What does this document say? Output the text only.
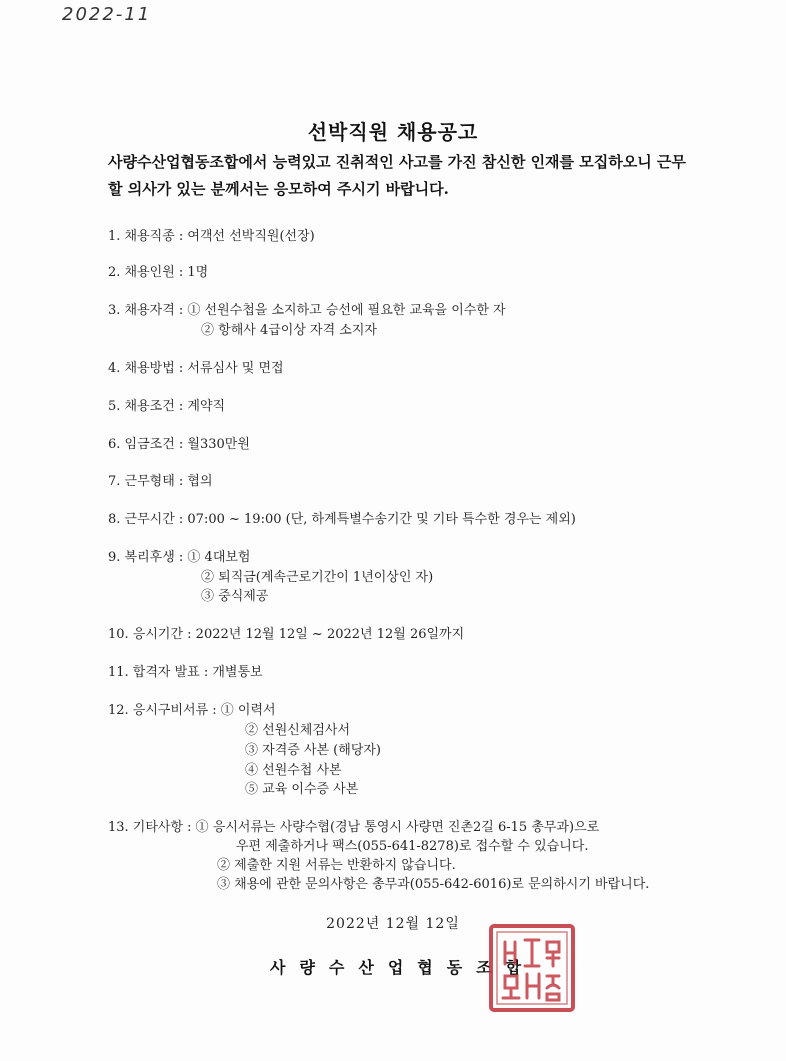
2022-11
선박직원 채용공고
사량수산업협동조합에서 능력있고 진취적인 사고를 가진 참신한 인재를 모집하오니 근무할 의사가 있는 분께서는 응모하여 주시기 바랍니다.
1. 채용직종 : 여객선 선박직원(선장)
2. 채용인원 : 1명
3. 채용자격 : ① 선원수첩을 소지하고 승선에 필요한 교육을 이수한 자
② 항해사 4급이상 자격 소지자
4. 채용방법 : 서류심사 및 면접
5. 채용조건 : 계약직
6. 임금조건 : 월330만원
7. 근무형태 : 협의
8. 근무시간 : 07:00 ~ 19:00 (단, 하계특별수송기간 및 기타 특수한 경우는 제외)
9. 복리후생 : ① 4대보험
② 퇴직금(계속근로기간이 1년이상인 자)
③ 중식제공
10. 응시기간 : 2022년 12월 12일 ~ 2022년 12월 26일까지
11. 합격자 발표 : 개별통보
12. 응시구비서류 : ① 이력서
② 선원신체검사서
③ 자격증 사본 (해당자)
④ 선원수첩 사본
⑤ 교육 이수증 사본
13. 기타사항 : ① 응시서류는 사량수협(경남 통영시 사량면 진촌2길 6-15 총무과)으로
우편 제출하거나 팩스(055-641-8278)로 접수할 수 있습니다.
② 제출한 지원 서류는 반환하지 않습니다.
③ 채용에 관한 문의사항은 총무과(055-642-6016)로 문의하시기 바랍니다.
2022년 12월 12일
사량수산업협동조합
